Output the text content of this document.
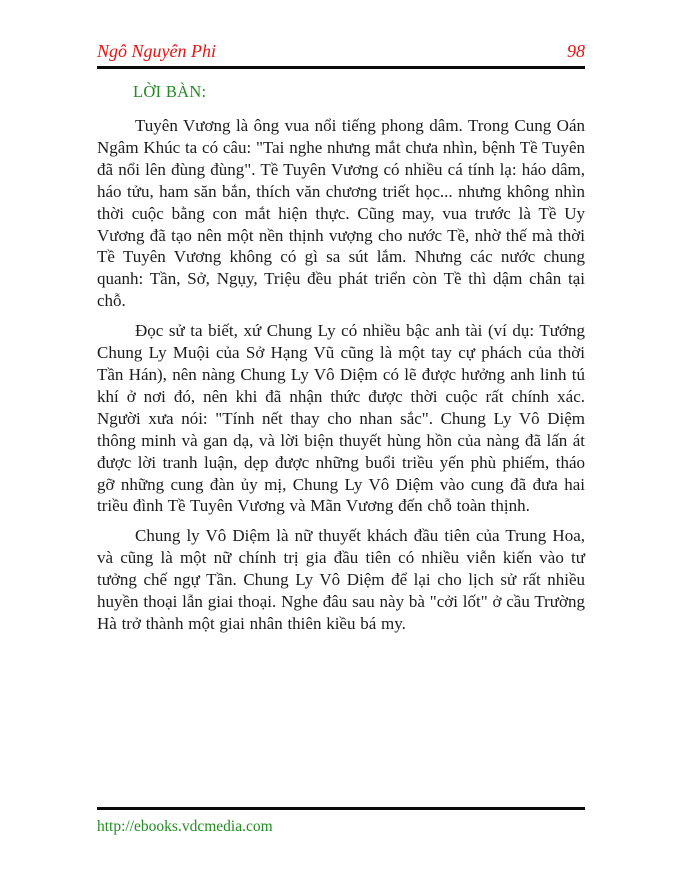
Ngô Nguyên Phi	98
LỜI BÀN:

Tuyên Vương là ông vua nổi tiếng phong dâm. Trong Cung Oán Ngâm Khúc ta có câu: "Tai nghe nhưng mắt chưa nhìn, bệnh Tề Tuyên đã nổi lên đùng đùng". Tề Tuyên Vương có nhiều cá tính lạ: háo dâm, háo tửu, ham săn bắn, thích văn chương triết học... nhưng không nhìn thời cuộc bằng con mắt hiện thực. Cũng may, vua trước là Tề Uy Vương đã tạo nên một nền thịnh vượng cho nước Tề, nhờ thế mà thời Tề Tuyên Vương không có gì sa sút lắm. Nhưng các nước chung quanh: Tần, Sở, Ngụy, Triệu đều phát triển còn Tề thì dậm chân tại chỗ.

Đọc sử ta biết, xứ Chung Ly có nhiều bậc anh tài (ví dụ: Tướng Chung Ly Muội của Sở Hạng Vũ cũng là một tay cự phách của thời Tần Hán), nên nàng Chung Ly Vô Diệm có lẽ được hưởng anh linh tú khí ở nơi đó, nên khi đã nhận thức được thời cuộc rất chính xác. Người xưa nói: "Tính nết thay cho nhan sắc". Chung Ly Vô Diệm thông minh và gan dạ, và lời biện thuyết hùng hồn của nàng đã lấn át được lời tranh luận, dẹp được những buổi triều yến phù phiếm, tháo gỡ những cung đàn ủy mị, Chung Ly Vô Diệm vào cung đã đưa hai triều đình Tề Tuyên Vương và Mãn Vương đến chỗ toàn thịnh.

Chung ly Vô Diệm là nữ thuyết khách đầu tiên của Trung Hoa, và cũng là một nữ chính trị gia đầu tiên có nhiều viễn kiến vào tư tưởng chế ngự Tần. Chung Ly Vô Diệm để lại cho lịch sử rất nhiều huyền thoại lẫn giai thoại. Nghe đâu sau này bà "cởi lốt" ở cầu Trường Hà trở thành một giai nhân thiên kiều bá my.

http://ebooks.vdcmedia.com
